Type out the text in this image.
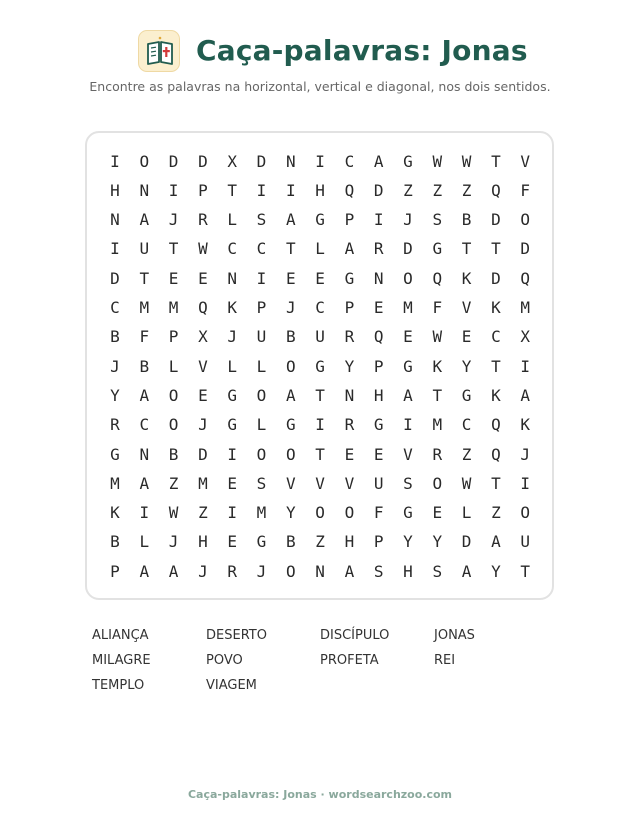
Caça-palavras: Jonas
Encontre as palavras na horizontal, vertical e diagonal, nos dois sentidos.
I	O	D	D	X	D	N	I	C	A	G	W	W	T	V
H	N	I	P	T	I	I	H	Q	D	Z	Z	Z	Q	F
N	A	J	R	L	S	A	G	P	I	J	S	B	D	O
I	U	T	W	C	C	T	L	A	R	D	G	T	T	D
D	T	E	E	N	I	E	E	G	N	O	Q	K	D	Q
C	M	M	Q	K	P	J	C	P	E	M	F	V	K	M
B	F	P	X	J	U	B	U	R	Q	E	W	E	C	X
J	B	L	V	L	L	O	G	Y	P	G	K	Y	T	I
Y	A	O	E	G	O	A	T	N	H	A	T	G	K	A
R	C	O	J	G	L	G	I	R	G	I	M	C	Q	K
G	N	B	D	I	O	O	T	E	E	V	R	Z	Q	J
M	A	Z	M	E	S	V	V	V	U	S	O	W	T	I
K	I	W	Z	I	M	Y	O	O	F	G	E	L	Z	O
B	L	J	H	E	G	B	Z	H	P	Y	Y	D	A	U
P	A	A	J	R	J	O	N	A	S	H	S	A	Y	T
ALIANÇA	DESERTO	DISCÍPULO	JONAS
MILAGRE	POVO	PROFETA	REI
TEMPLO	VIAGEM
Caça-palavras: Jonas · wordsearchzoo.com
